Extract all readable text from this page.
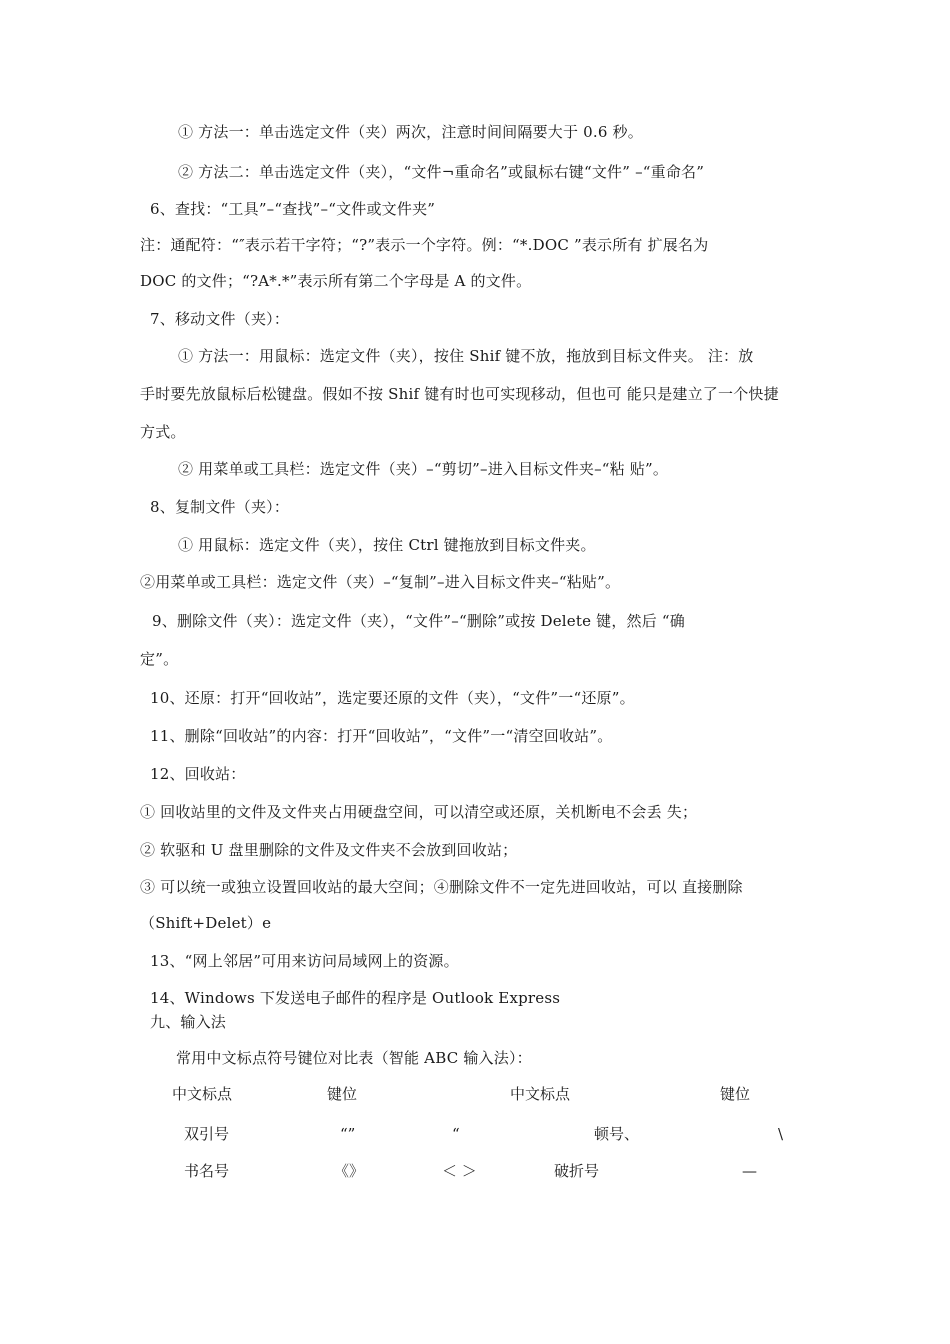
① 方法一：单击选定文件（夹）两次，注意时间间隔要大于 0.6 秒。
② 方法二：单击选定文件（夹），“文件¬重命名”或鼠标右键“文件” –“重命名”
6、查找：“工具”–“查找”–“文件或文件夹”
注：通配符：“″表示若干字符；“?”表示一个字符。例：“*.DOC ”表示所有 扩展名为
DOC 的文件；“?A*.*”表示所有第二个字母是 A 的文件。
7、移动文件（夹）：
① 方法一：用鼠标：选定文件（夹），按住 Shif 键不放，拖放到目标文件夹。 注：放
手时要先放鼠标后松键盘。假如不按 Shif 键有时也可实现移动，但也可 能只是建立了一个快捷
方式。
② 用菜单或工具栏：选定文件（夹）–“剪切”–进入目标文件夹–“粘 贴”。
8、复制文件（夹）：
① 用鼠标：选定文件（夹），按住 Ctrl 键拖放到目标文件夹。
②用菜单或工具栏：选定文件（夹）–“复制”–进入目标文件夹–“粘贴”。
9、删除文件（夹）：选定文件（夹），“文件”–“删除”或按 Delete 键，然后 “确
定”。
10、还原：打开“回收站”，选定要还原的文件（夹），“文件”一“还原”。
11、删除“回收站”的内容：打开“回收站”，“文件”一“清空回收站”。
12、回收站：
① 回收站里的文件及文件夹占用硬盘空间，可以清空或还原，关机断电不会丢 失；
② 软驱和 U 盘里删除的文件及文件夹不会放到回收站；
③ 可以统一或独立设置回收站的最大空间；④删除文件不一定先进回收站，可以 直接删除
（Shift+Delet）e
13、“网上邻居”可用来访问局域网上的资源。
14、Windows 下发送电子邮件的程序是 Outlook Express
九、输入法
常用中文标点符号键位对比表（智能 ABC 输入法）：
中文标点	键位	中文标点	键位
双引号	“”	“	顿号、	\
书名号	《》	＜ ＞	破折号	—
